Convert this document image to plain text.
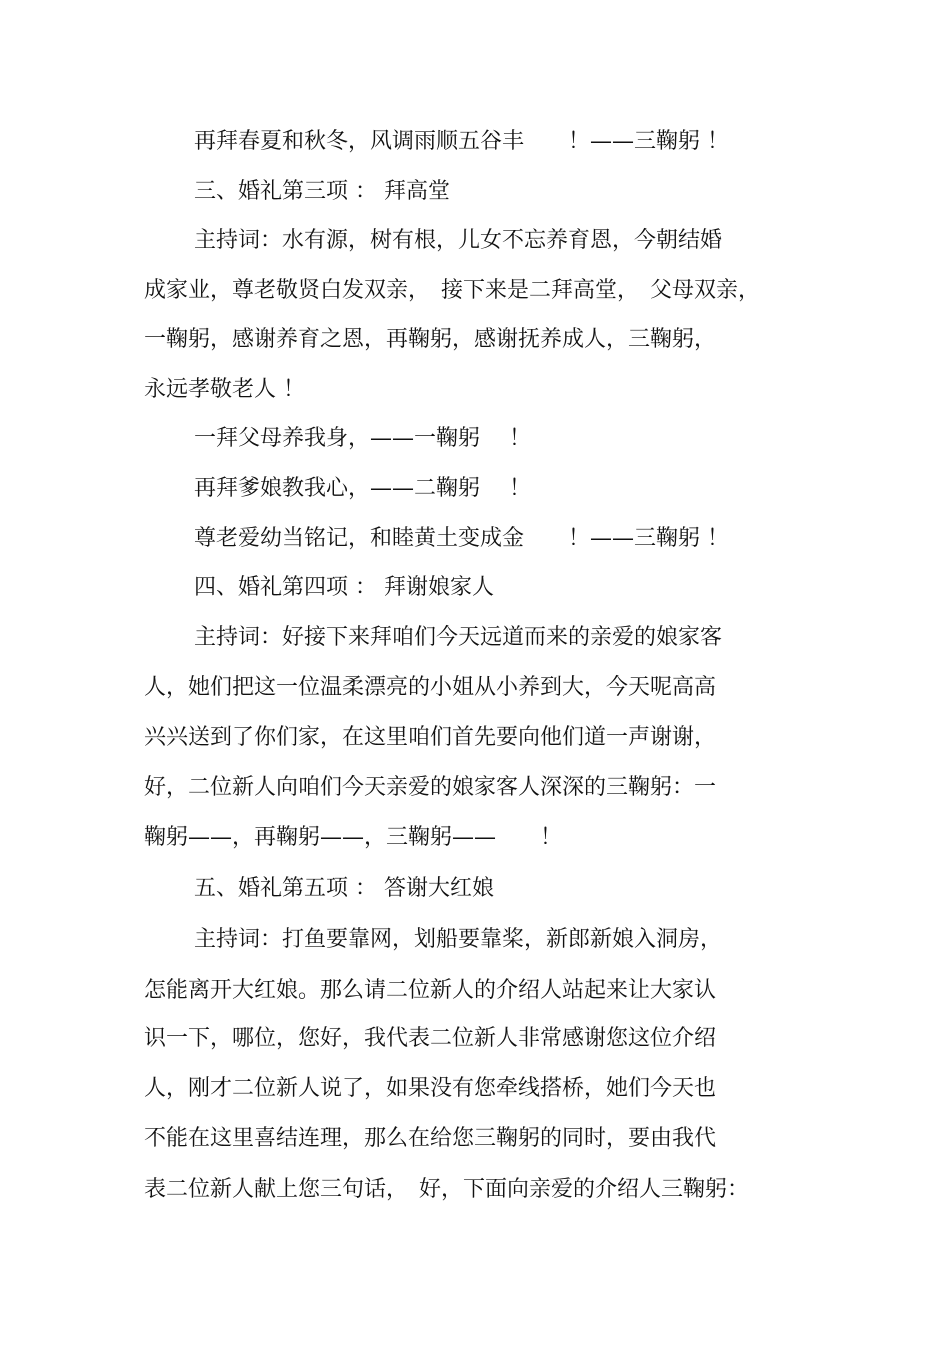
再拜春夏和秋冬，风调雨顺五谷丰　　！——三鞠躬 ！

三、婚礼第三项 ： 拜高堂

主持词：水有源，树有根，儿女不忘养育恩，今朝结婚

成家业，尊老敬贤白发双亲，　接下来是二拜高堂，　父母双亲，

一鞠躬，感谢养育之恩，再鞠躬，感谢抚养成人，三鞠躬，

永远孝敬老人 ！

一拜父母养我身，——一鞠躬　 ！

再拜爹娘教我心，——二鞠躬　 ！

尊老爱幼当铭记，和睦黄土变成金　　！——三鞠躬 ！

四、婚礼第四项 ： 拜谢娘家人

主持词：好接下来拜咱们今天远道而来的亲爱的娘家客

人，她们把这一位温柔漂亮的小姐从小养到大，今天呢高高

兴兴送到了你们家，在这里咱们首先要向他们道一声谢谢，

好，二位新人向咱们今天亲爱的娘家客人深深的三鞠躬：一

鞠躬——，再鞠躬——，三鞠躬——　　！

五、婚礼第五项 ： 答谢大红娘

主持词：打鱼要靠网，划船要靠桨，新郎新娘入洞房，

怎能离开大红娘。那么请二位新人的介绍人站起来让大家认

识一下，哪位，您好，我代表二位新人非常感谢您这位介绍

人，刚才二位新人说了，如果没有您牵线搭桥，她们今天也

不能在这里喜结连理，那么在给您三鞠躬的同时，要由我代

表二位新人献上您三句话，　好，下面向亲爱的介绍人三鞠躬：
